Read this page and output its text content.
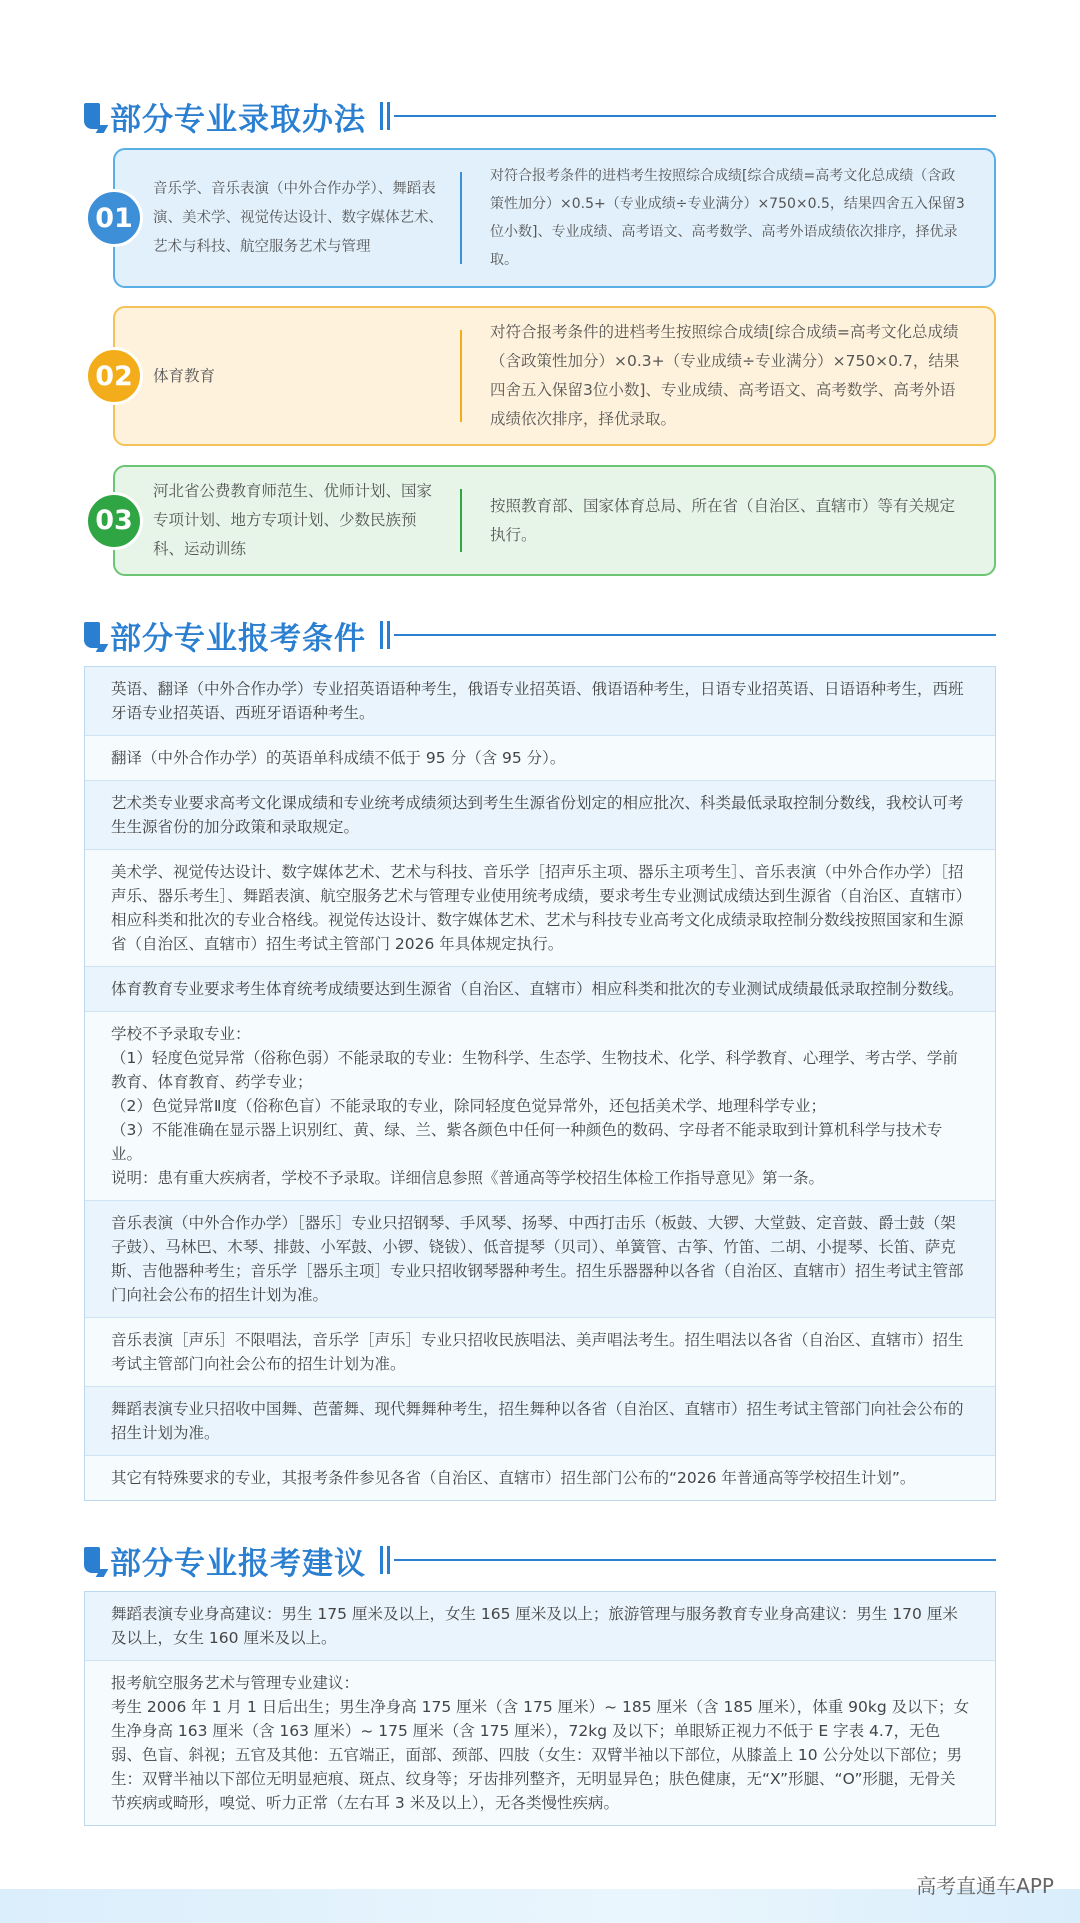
部分专业录取办法
01
音乐学、音乐表演（中外合作办学）、舞蹈表演、美术学、视觉传达设计、数字媒体艺术、艺术与科技、航空服务艺术与管理
对符合报考条件的进档考生按照综合成绩[综合成绩=高考文化总成绩（含政策性加分）×0.5+（专业成绩÷专业满分）×750×0.5，结果四舍五入保留3位小数]、专业成绩、高考语文、高考数学、高考外语成绩依次排序，择优录取。
02	体育教育
对符合报考条件的进档考生按照综合成绩[综合成绩=高考文化总成绩（含政策性加分）×0.3+（专业成绩÷专业满分）×750×0.7，结果四舍五入保留3位小数]、专业成绩、高考语文、高考数学、高考外语成绩依次排序，择优录取。
03
河北省公费教育师范生、优师计划、国家专项计划、地方专项计划、少数民族预科、运动训练
按照教育部、国家体育总局、所在省（自治区、直辖市）等有关规定执行。
部分专业报考条件

英语、翻译（中外合作办学）专业招英语语种考生，俄语专业招英语、俄语语种考生，日语专业招英语、日语语种考生，西班牙语专业招英语、西班牙语语种考生。

翻译（中外合作办学）的英语单科成绩不低于 95 分（含 95 分）。

艺术类专业要求高考文化课成绩和专业统考成绩须达到考生生源省份划定的相应批次、科类最低录取控制分数线，我校认可考生生源省份的加分政策和录取规定。

美术学、视觉传达设计、数字媒体艺术、艺术与科技、音乐学［招声乐主项、器乐主项考生］、音乐表演（中外合作办学）［招声乐、器乐考生］、舞蹈表演、航空服务艺术与管理专业使用统考成绩，要求考生专业测试成绩达到生源省（自治区、直辖市）相应科类和批次的专业合格线。视觉传达设计、数字媒体艺术、艺术与科技专业高考文化成绩录取控制分数线按照国家和生源省（自治区、直辖市）招生考试主管部门 2026 年具体规定执行。

体育教育专业要求考生体育统考成绩要达到生源省（自治区、直辖市）相应科类和批次的专业测试成绩最低录取控制分数线。

学校不予录取专业：

（1）轻度色觉异常（俗称色弱）不能录取的专业：生物科学、生态学、生物技术、化学、科学教育、心理学、考古学、学前教育、体育教育、药学专业；

（2）色觉异常Ⅱ度（俗称色盲）不能录取的专业，除同轻度色觉异常外，还包括美术学、地理科学专业；

（3）不能准确在显示器上识别红、黄、绿、兰、紫各颜色中任何一种颜色的数码、字母者不能录取到计算机科学与技术专业。

说明：患有重大疾病者，学校不予录取。详细信息参照《普通高等学校招生体检工作指导意见》第一条。

音乐表演（中外合作办学）［器乐］专业只招钢琴、手风琴、扬琴、中西打击乐（板鼓、大锣、大堂鼓、定音鼓、爵士鼓（架子鼓）、马林巴、木琴、排鼓、小军鼓、小锣、铙钹）、低音提琴（贝司）、单簧管、古筝、竹笛、二胡、小提琴、长笛、萨克斯、吉他器种考生；音乐学［器乐主项］专业只招收钢琴器种考生。招生乐器器种以各省（自治区、直辖市）招生考试主管部门向社会公布的招生计划为准。

音乐表演［声乐］不限唱法，音乐学［声乐］专业只招收民族唱法、美声唱法考生。招生唱法以各省（自治区、直辖市）招生考试主管部门向社会公布的招生计划为准。

舞蹈表演专业只招收中国舞、芭蕾舞、现代舞舞种考生，招生舞种以各省（自治区、直辖市）招生考试主管部门向社会公布的招生计划为准。

其它有特殊要求的专业，其报考条件参见各省（自治区、直辖市）招生部门公布的“2026 年普通高等学校招生计划”。

部分专业报考建议

舞蹈表演专业身高建议：男生 175 厘米及以上，女生 165 厘米及以上；旅游管理与服务教育专业身高建议：男生 170 厘米及以上，女生 160 厘米及以上。

报考航空服务艺术与管理专业建议：

考生 2006 年 1 月 1 日后出生；男生净身高 175 厘米（含 175 厘米）~ 185 厘米（含 185 厘米），体重 90kg 及以下；女生净身高 163 厘米（含 163 厘米）~ 175 厘米（含 175 厘米），72kg 及以下；单眼矫正视力不低于 E 字表 4.7，无色弱、色盲、斜视；五官及其他：五官端正，面部、颈部、四肢（女生：双臂半袖以下部位，从膝盖上 10 公分处以下部位；男生：双臂半袖以下部位无明显疤痕、斑点、纹身等；牙齿排列整齐，无明显异色；肤色健康，无“X”形腿、“O”形腿，无骨关节疾病或畸形，嗅觉、听力正常（左右耳 3 米及以上），无各类慢性疾病。

高考直通车APP
